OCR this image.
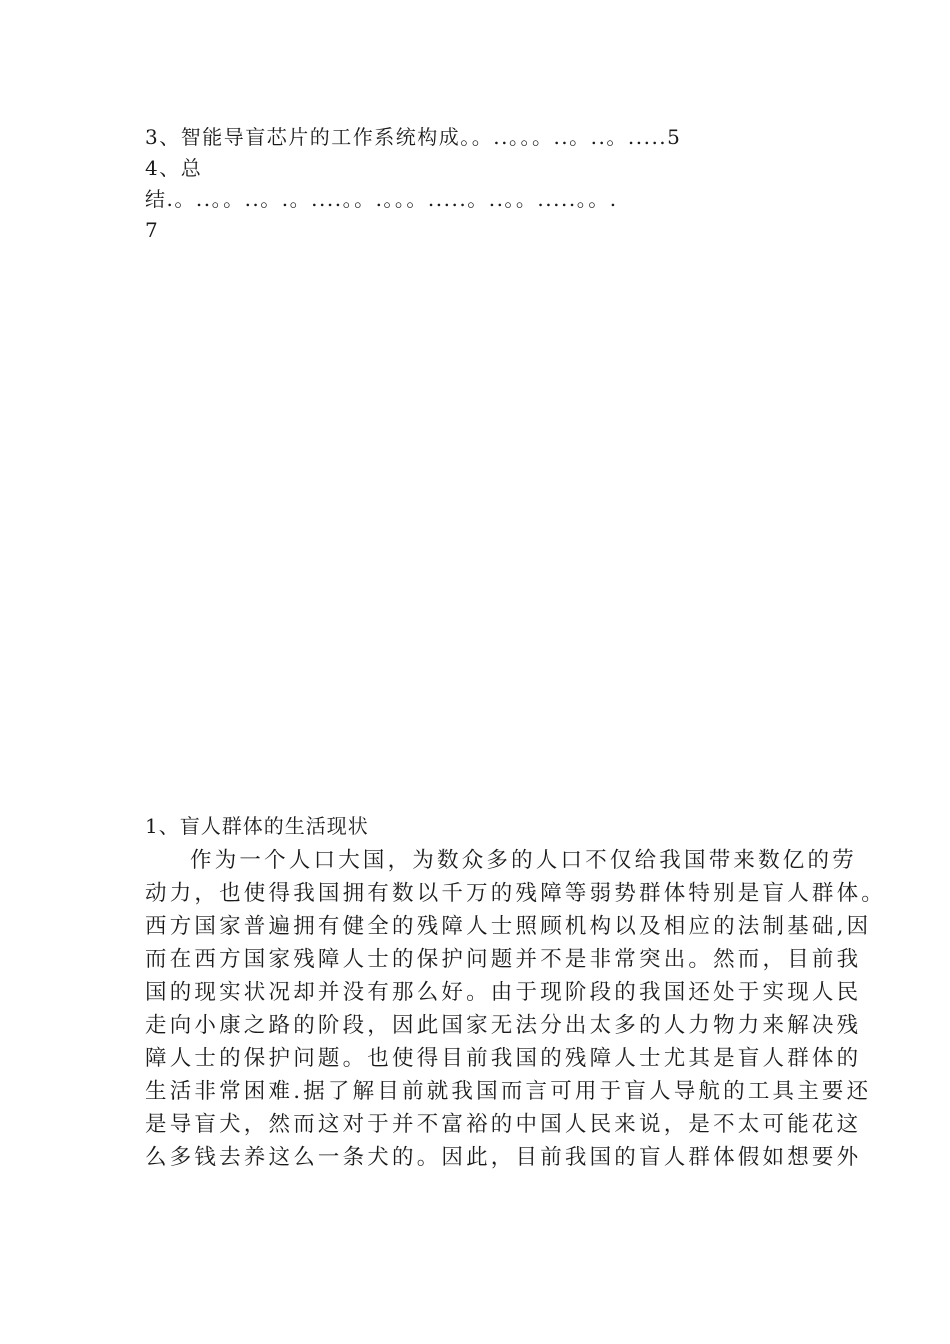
3、智能导盲芯片的工作系统构成。。..。。。..。..。.....5
4、总
结.。..。。..。.。....。。.。。。.....。..。。.....。。.
7
1、盲人群体的生活现状
作为一个人口大国，为数众多的人口不仅给我国带来数亿的劳
动力，也使得我国拥有数以千万的残障等弱势群体特别是盲人群体。
西方国家普遍拥有健全的残障人士照顾机构以及相应的法制基础,因
而在西方国家残障人士的保护问题并不是非常突出。然而，目前我
国的现实状况却并没有那么好。由于现阶段的我国还处于实现人民
走向小康之路的阶段，因此国家无法分出太多的人力物力来解决残
障人士的保护问题。也使得目前我国的残障人士尤其是盲人群体的
生活非常困难.据了解目前就我国而言可用于盲人导航的工具主要还
是导盲犬，然而这对于并不富裕的中国人民来说，是不太可能花这
么多钱去养这么一条犬的。因此，目前我国的盲人群体假如想要外
